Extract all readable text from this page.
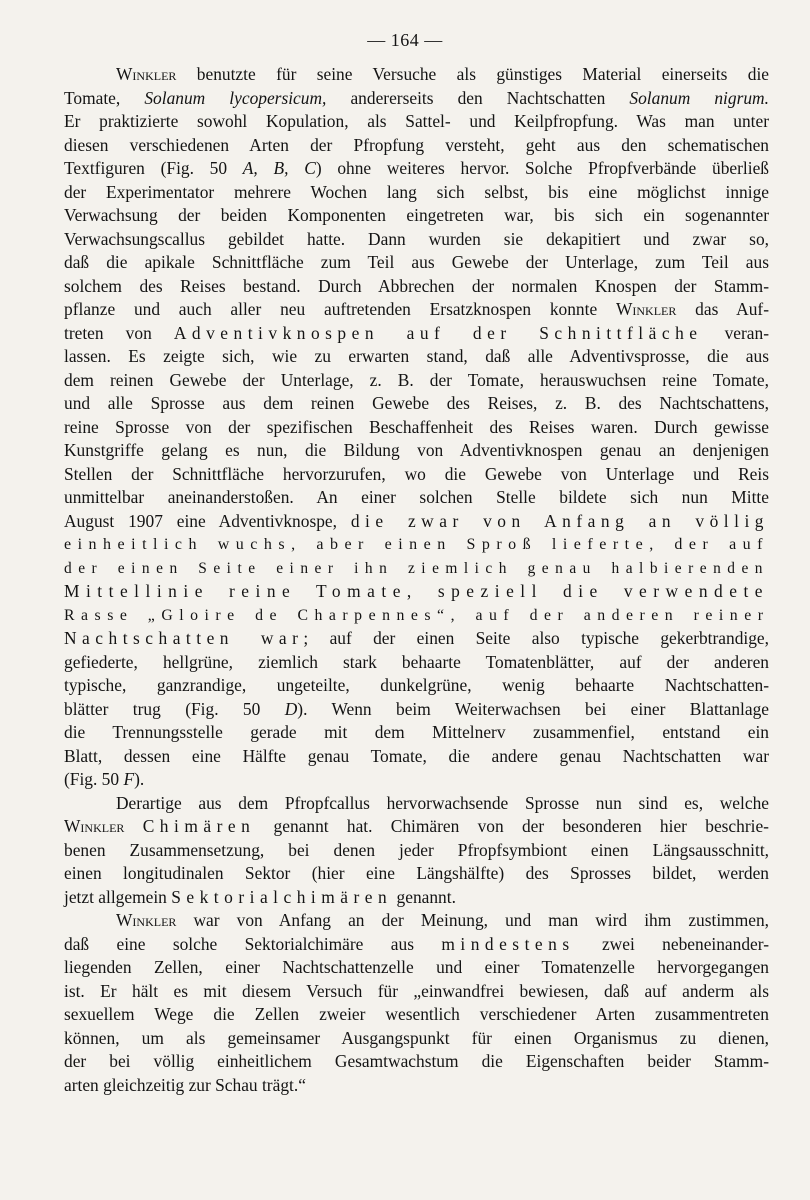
— 164 —
Winkler benutzte für seine Versuche als günstiges Material einerseits die
Tomate, Solanum lycopersicum, andererseits den Nachtschatten Solanum nigrum.
Er praktizierte sowohl Kopulation, als Sattel- und Keilpfropfung. Was man unter
diesen verschiedenen Arten der Pfropfung versteht, geht aus den schematischen
Textfiguren (Fig. 50 A, B, C) ohne weiteres hervor. Solche Pfropfverbände überließ
der Experimentator mehrere Wochen lang sich selbst, bis eine möglichst innige
Verwachsung der beiden Komponenten eingetreten war, bis sich ein sogenannter
Verwachsungscallus gebildet hatte. Dann wurden sie dekapitiert und zwar so,
daß die apikale Schnittfläche zum Teil aus Gewebe der Unterlage, zum Teil aus
solchem des Reises bestand. Durch Abbrechen der normalen Knospen der Stamm-
pflanze und auch aller neu auftretenden Ersatzknospen konnte Winkler das Auf-
treten von Adventivknospen auf der Schnittfläche veran-
lassen. Es zeigte sich, wie zu erwarten stand, daß alle Adventivsprosse, die aus
dem reinen Gewebe der Unterlage, z. B. der Tomate, herauswuchsen reine Tomate,
und alle Sprosse aus dem reinen Gewebe des Reises, z. B. des Nachtschattens,
reine Sprosse von der spezifischen Beschaffenheit des Reises waren. Durch gewisse
Kunstgriffe gelang es nun, die Bildung von Adventivknospen genau an denjenigen
Stellen der Schnittfläche hervorzurufen, wo die Gewebe von Unterlage und Reis
unmittelbar aneinanderstoßen. An einer solchen Stelle bildete sich nun Mitte
August 1907 eine Adventivknospe, die zwar von Anfang an völlig
einheitlich wuchs, aber einen Sproß lieferte, der auf
der einen Seite einer ihn ziemlich genau halbierenden
Mittellinie reine Tomate, speziell die verwendete
Rasse „Gloire de Charpennes“, auf der anderen reiner
Nachtschatten war; auf der einen Seite also typische gekerbtrandige,
gefiederte, hellgrüne, ziemlich stark behaarte Tomatenblätter, auf der anderen
typische, ganzrandige, ungeteilte, dunkelgrüne, wenig behaarte Nachtschatten-
blätter trug (Fig. 50 D). Wenn beim Weiterwachsen bei einer Blattanlage
die Trennungsstelle gerade mit dem Mittelnerv zusammenfiel, entstand ein
Blatt, dessen eine Hälfte genau Tomate, die andere genau Nachtschatten war
(Fig. 50 F).
Derartige aus dem Pfropfcallus hervorwachsende Sprosse nun sind es, welche
Winkler Chimären genannt hat. Chimären von der besonderen hier beschrie-
benen Zusammensetzung, bei denen jeder Pfropfsymbiont einen Längsausschnitt,
einen longitudinalen Sektor (hier eine Längshälfte) des Sprosses bildet, werden
jetzt allgemein Sektorialchimären genannt.
Winkler war von Anfang an der Meinung, und man wird ihm zustimmen,
daß eine solche Sektorialchimäre aus mindestens zwei nebeneinander-
liegenden Zellen, einer Nachtschattenzelle und einer Tomatenzelle hervorgegangen
ist. Er hält es mit diesem Versuch für „einwandfrei bewiesen, daß auf anderm als
sexuellem Wege die Zellen zweier wesentlich verschiedener Arten zusammentreten
können, um als gemeinsamer Ausgangspunkt für einen Organismus zu dienen,
der bei völlig einheitlichem Gesamtwachstum die Eigenschaften beider Stamm-
arten gleichzeitig zur Schau trägt.“
